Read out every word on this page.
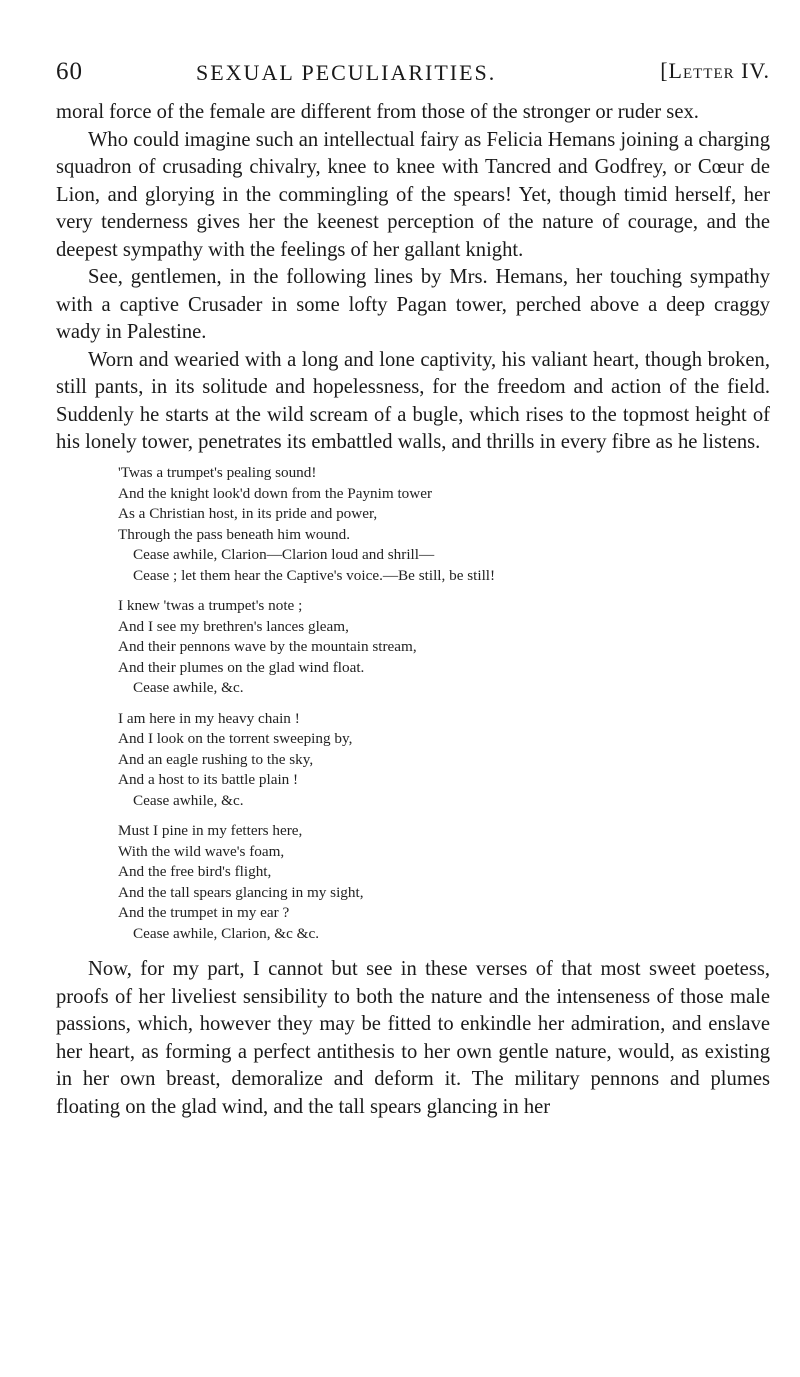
60	SEXUAL PECULIARITIES.	[Letter IV.

moral force of the female are different from those of the stronger or ruder sex.

Who could imagine such an intellectual fairy as Felicia Hemans joining a charging squadron of crusading chivalry, knee to knee with Tancred and Godfrey, or Cœur de Lion, and glorying in the commingling of the spears! Yet, though timid herself, her very tenderness gives her the keenest perception of the nature of courage, and the deepest sympathy with the feelings of her gallant knight.

See, gentlemen, in the following lines by Mrs. Hemans, her touching sympathy with a captive Crusader in some lofty Pagan tower, perched above a deep craggy wady in Palestine.

Worn and wearied with a long and lone captivity, his valiant heart, though broken, still pants, in its solitude and hopelessness, for the freedom and action of the field. Suddenly he starts at the wild scream of a bugle, which rises to the topmost height of his lonely tower, penetrates its embattled walls, and thrills in every fibre as he listens.

'Twas a trumpet's pealing sound!
And the knight look'd down from the Paynim tower
As a Christian host, in its pride and power,
Through the pass beneath him wound.
Cease awhile, Clarion—Clarion loud and shrill—
Cease ; let them hear the Captive's voice.—Be still, be still!
I knew 'twas a trumpet's note ;
And I see my brethren's lances gleam,
And their pennons wave by the mountain stream,
And their plumes on the glad wind float.
Cease awhile, &c.
I am here in my heavy chain !
And I look on the torrent sweeping by,
And an eagle rushing to the sky,
And a host to its battle plain !
Cease awhile, &c.
Must I pine in my fetters here,
With the wild wave's foam,
And the free bird's flight,
And the tall spears glancing in my sight,
And the trumpet in my ear ?
Cease awhile, Clarion, &c &c.

Now, for my part, I cannot but see in these verses of that most sweet poetess, proofs of her liveliest sensibility to both the nature and the intenseness of those male passions, which, however they may be fitted to enkindle her admiration, and enslave her heart, as forming a perfect antithesis to her own gentle nature, would, as existing in her own breast, demoralize and deform it. The military pennons and plumes floating on the glad wind, and the tall spears glancing in her
